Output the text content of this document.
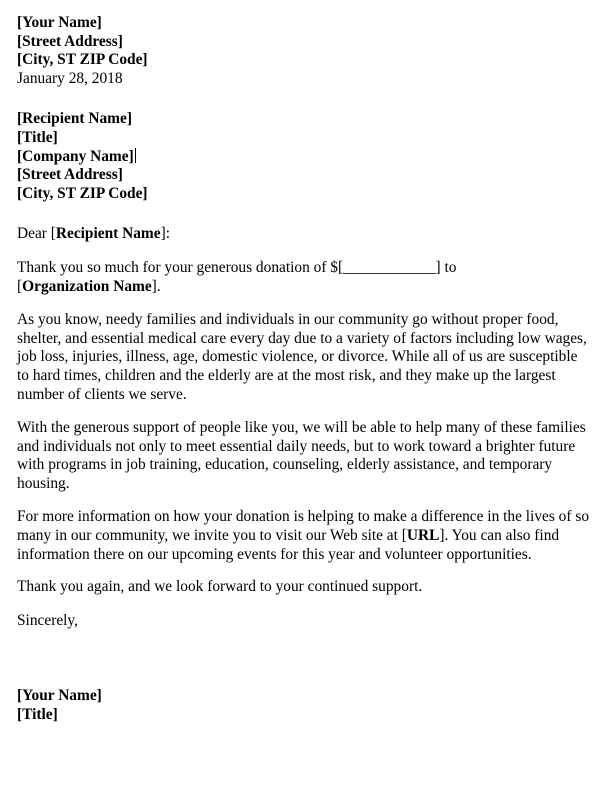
[Your Name]
[Street Address]
[City, ST ZIP Code]
January 28, 2018
[Recipient Name]
[Title]
[Company Name]
[Street Address]
[City, ST ZIP Code]
Dear [Recipient Name]:

Thank you so much for your generous donation of $[____________] to
[Organization Name].

As you know, needy families and individuals in our community go without proper food, shelter, and essential medical care every day due to a variety of factors including low wages, job loss, injuries, illness, age, domestic violence, or divorce. While all of us are susceptible to hard times, children and the elderly are at the most risk, and they make up the largest number of clients we serve.

With the generous support of people like you, we will be able to help many of these families and individuals not only to meet essential daily needs, but to work toward a brighter future with programs in job training, education, counseling, elderly assistance, and temporary housing.

For more information on how your donation is helping to make a difference in the lives of so many in our community, we invite you to visit our Web site at [URL]. You can also find information there on our upcoming events for this year and volunteer opportunities.

Thank you again, and we look forward to your continued support.

Sincerely,
[Your Name]
[Title]
